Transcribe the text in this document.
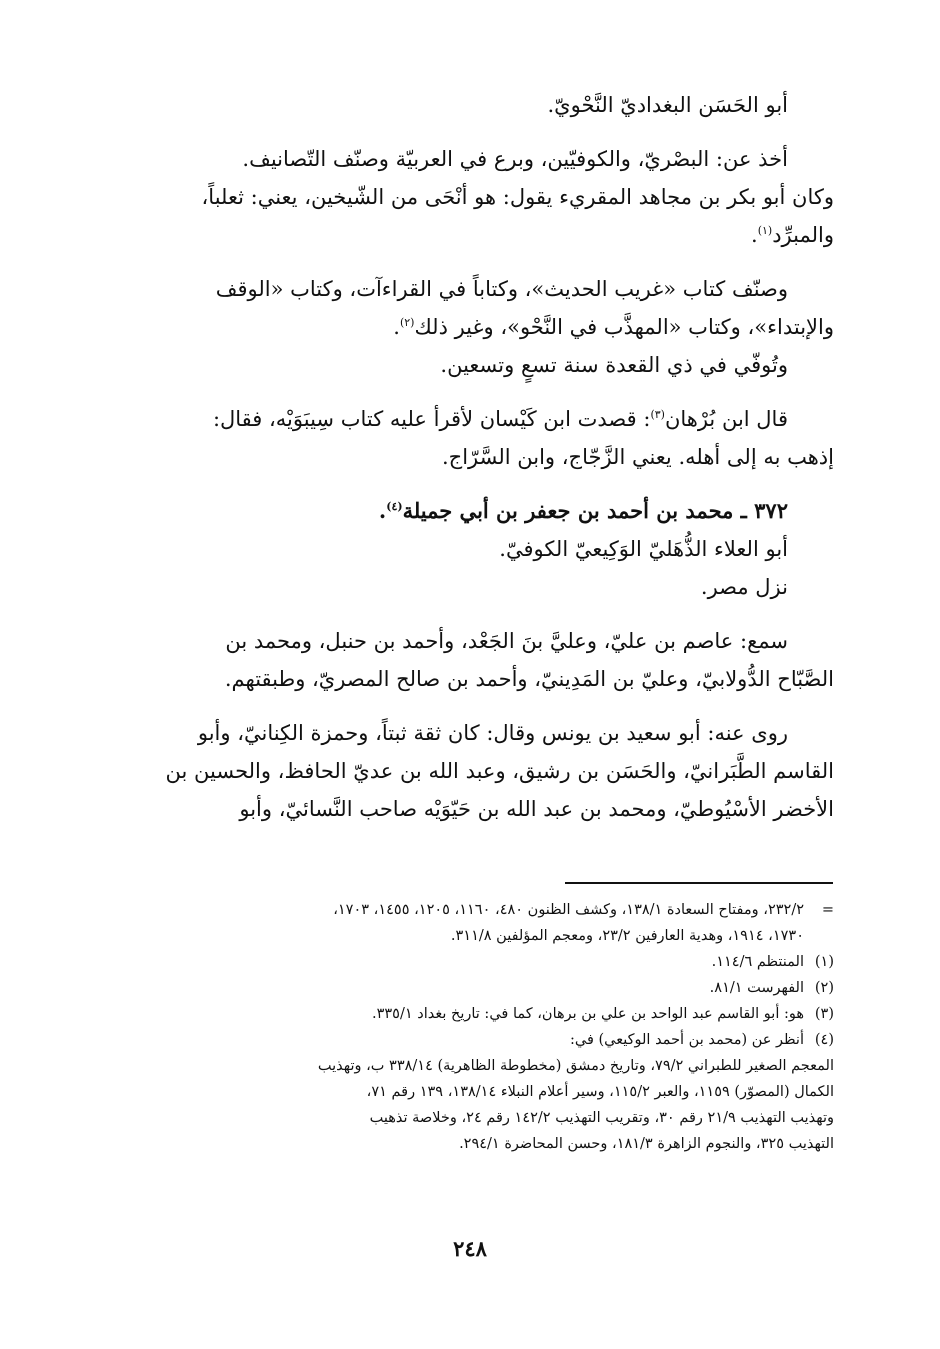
أبو الحَسَن البغداديّ النَّحْويّ.

أخذ عن: البصْريّ، والكوفيّين، وبرع في العربيّة وصنّف التّصانيف.
وكان أبو بكر بن مجاهد المقريء يقول: هو أنْحَى من الشّيخين، يعني: ثعلباً،
والمبرِّد$^{(١)}$.

وصنّف كتاب «غريب الحديث»، وكتاباً في القراءآت، وكتاب «الوقف
والإبتداء»، وكتاب «المهذَّب في النَّحْو»، وغير ذلك$^{(٢)}$.

وتُوفّي في ذي القعدة سنة تسعٍ وتسعين.

قال ابن بُرْهان$^{(٣)}$: قصدت ابن كَيْسان لأقرأ عليه كتاب سِيبَوَيْه، فقال:
إذهب به إلى أهله. يعني الزَّجّاج، وابن السَّرّاج.

٣٧٢ ـ محمد بن أحمد بن جعفر بن أبي جميلة$^{(٤)}$.

أبو العلاء الذُّهَليّ الوَكِيعيّ الكوفيّ.

نزل مصر.

سمع: عاصم بن عليّ، وعليَّ بنَ الجَعْد، وأحمد بن حنبل، ومحمد بن
الصَّبّاح الدُّولابيّ، وعليّ بن المَدِينيّ، وأحمد بن صالح المصريّ، وطبقتهم.

روى عنه: أبو سعيد بن يونس وقال: كان ثقة ثبتاً، وحمزة الكِنانيّ، وأبو
القاسم الطَّبَرانيّ، والحَسَن بن رشيق، وعبد الله بن عديّ الحافظ، والحسين بن
الأخضر الأسْيُوطيّ، ومحمد بن عبد الله بن حَيّوَيْه صاحب النَّسائيّ، وأبو

=
٢٣٢/٢، ومفتاح السعادة ١٣٨/١، وكشف الظنون ٤٨٠، ١١٦٠، ١٢٠٥، ١٤٥٥، ١٧٠٣،
١٧٣٠، ١٩١٤، وهدية العارفين ٢٣/٢، ومعجم المؤلفين ٣١١/٨.
(١)
المنتظم ١١٤/٦.
(٢)
الفهرست ٨١/١.
(٣)
هو: أبو القاسم عبد الواحد بن علي بن برهان، كما في: تاريخ بغداد ٣٣٥/١.
(٤)
أنظر عن (محمد بن أحمد الوكيعي) في:

المعجم الصغير للطبراني ٧٩/٢، وتاريخ دمشق (مخطوطة الظاهرية) ٣٣٨/١٤ ب، وتهذيب

الكمال (المصوّر) ١١٥٩، والعبر ١١٥/٢، وسير أعلام النبلاء ١٣٨/١٤، ١٣٩ رقم ٧١،

وتهذيب التهذيب ٢١/٩ رقم ٣٠، وتقريب التهذيب ١٤٢/٢ رقم ٢٤، وخلاصة تذهيب

التهذيب ٣٢٥، والنجوم الزاهرة ١٨١/٣، وحسن المحاضرة ٢٩٤/١.

٢٤٨
